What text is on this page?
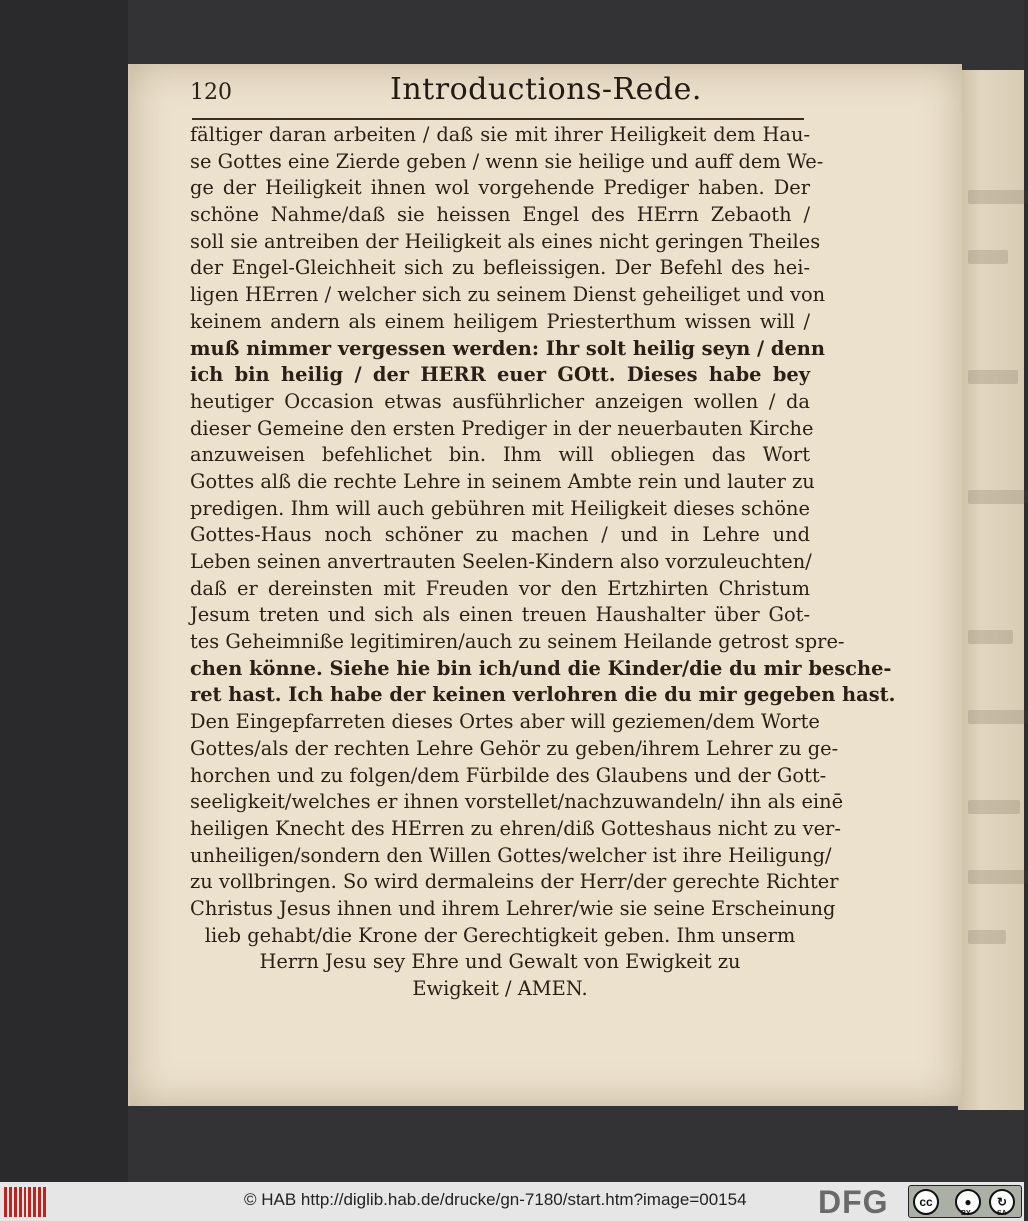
120	Introductions-Rede.
fältiger daran arbeiten / daß sie mit ihrer Heiligkeit dem Hau-
se Gottes eine Zierde geben / wenn sie heilige und auff dem We-
ge der Heiligkeit ihnen wol vorgehende Prediger haben. Der
schöne Nahme/daß sie heissen Engel des HErrn Zebaoth /
soll sie antreiben der Heiligkeit als eines nicht geringen Theiles
der Engel-Gleichheit sich zu befleissigen. Der Befehl des hei-
ligen HErren / welcher sich zu seinem Dienst geheiliget und von
keinem andern als einem heiligem Priesterthum wissen will /
muß nimmer vergessen werden: Ihr solt heilig seyn / denn
ich bin heilig / der HERR euer GOtt. Dieses habe bey
heutiger Occasion etwas ausführlicher anzeigen wollen / da
dieser Gemeine den ersten Prediger in der neuerbauten Kirche
anzuweisen befehlichet bin. Ihm will obliegen das Wort
Gottes alß die rechte Lehre in seinem Ambte rein und lauter zu
predigen. Ihm will auch gebühren mit Heiligkeit dieses schöne
Gottes-Haus noch schöner zu machen / und in Lehre und
Leben seinen anvertrauten Seelen-Kindern also vorzuleuchten/
daß er dereinsten mit Freuden vor den Ertzhirten Christum
Jesum treten und sich als einen treuen Haushalter über Got-
tes Geheimniße legitimiren/auch zu seinem Heilande getrost spre-
chen könne. Siehe hie bin ich/und die Kinder/die du mir besche-
ret hast. Ich habe der keinen verlohren die du mir gegeben hast.
Den Eingepfarreten dieses Ortes aber will geziemen/dem Worte
Gottes/als der rechten Lehre Gehör zu geben/ihrem Lehrer zu ge-
horchen und zu folgen/dem Fürbilde des Glaubens und der Gott-
seeligkeit/welches er ihnen vorstellet/nachzuwandeln/ ihn als einē
heiligen Knecht des HErren zu ehren/diß Gotteshaus nicht zu ver-
unheiligen/sondern den Willen Gottes/welcher ist ihre Heiligung/
zu vollbringen. So wird dermaleins der Herr/der gerechte Richter
Christus Jesus ihnen und ihrem Lehrer/wie sie seine Erscheinung
lieb gehabt/die Krone der Gerechtigkeit geben. Ihm unserm
Herrn Jesu sey Ehre und Gewalt von Ewigkeit zu
Ewigkeit / AMEN.
© HAB http://diglib.hab.de/drucke/gn-7180/start.htm?image=00154 DFG	cc	●	↻
BY	SA
